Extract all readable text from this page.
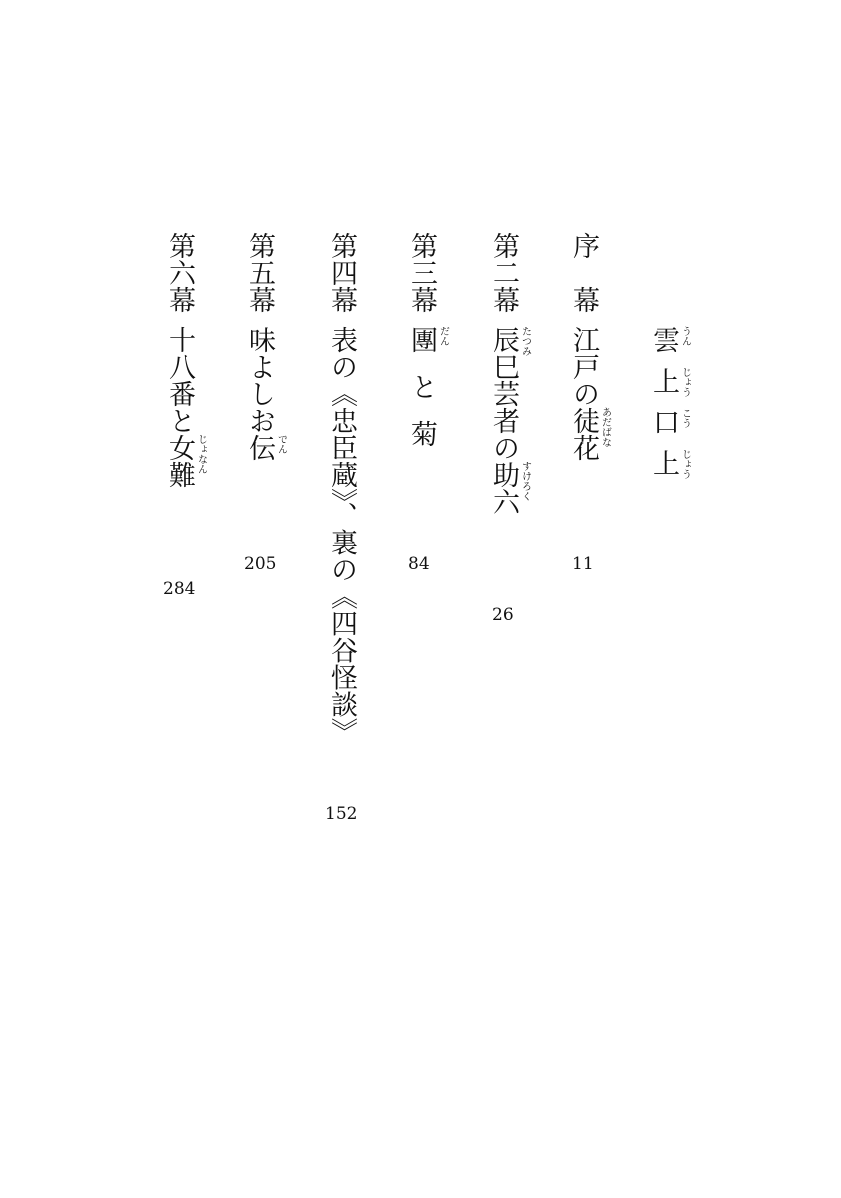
雲 うん
上 じょう
口 こう
上 じょう
序　幕
江戸の徒花 あだばな
11
第二幕
辰巳 たつみ
芸者の助六 すけろく
26
第三幕
團 だん
と菊
84
第四幕
表の《忠臣蔵》、裏の《四谷怪談》
152
第五幕
味よしお伝 でん
205
第六幕
十八番と女難 じょなん
284
